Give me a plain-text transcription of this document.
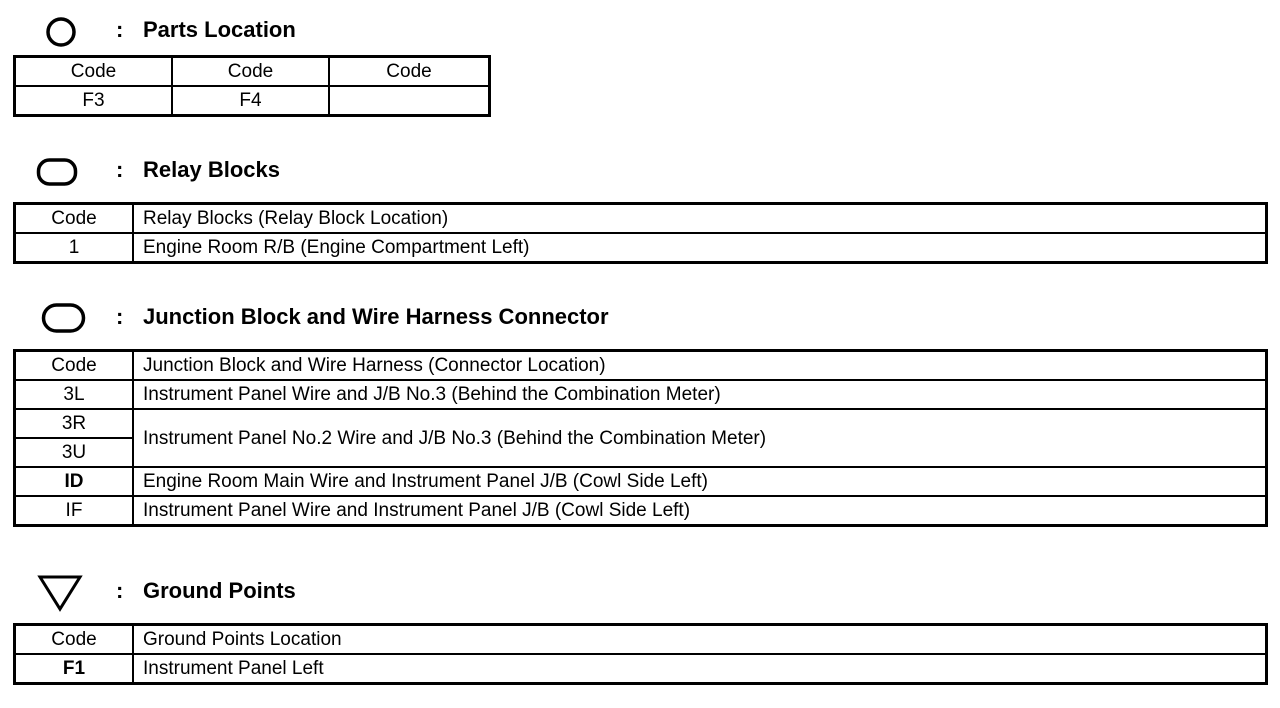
: Parts Location
Code	Code	Code
F3	F4	
: Relay Blocks
Code	Relay Blocks (Relay Block Location)
1	Engine Room R/B (Engine Compartment Left)
: Junction Block and Wire Harness Connector
Code	Junction Block and Wire Harness (Connector Location)
3L	Instrument Panel Wire and J/B No.3 (Behind the Combination Meter)
3R	Instrument Panel No.2 Wire and J/B No.3 (Behind the Combination Meter)
3U	
ID	Engine Room Main Wire and Instrument Panel J/B (Cowl Side Left)
IF	Instrument Panel Wire and Instrument Panel J/B (Cowl Side Left)
: Ground Points
Code	Ground Points Location
F1	Instrument Panel Left
